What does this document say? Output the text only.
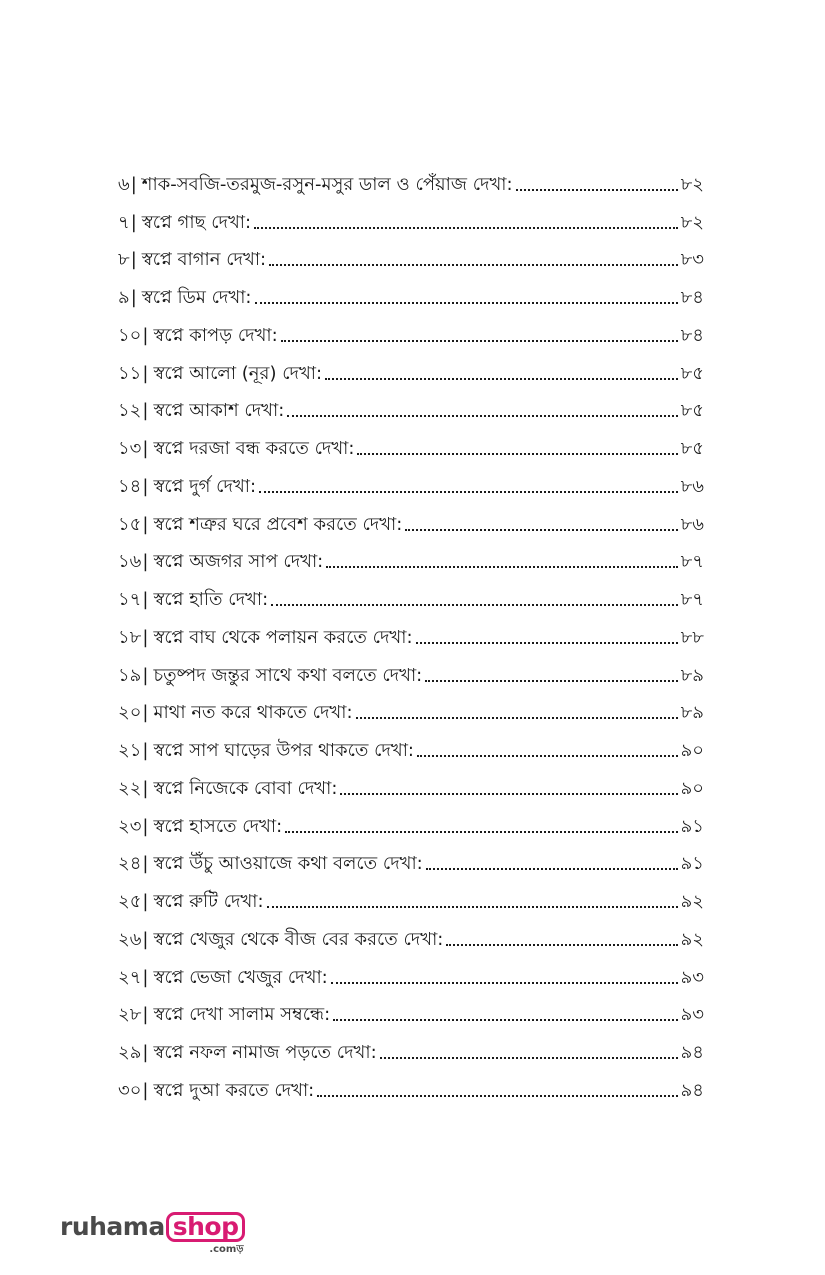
৬ | শাক-সবজি-তরমুজ-রসুন-মসুর ডাল ও পেঁয়াজ দেখা:	৮২
৭ | স্বপ্নে গাছ দেখা:	৮২
৮ | স্বপ্নে বাগান দেখা:	৮৩
৯ | স্বপ্নে ডিম দেখা:	৮৪
১০ | স্বপ্নে কাপড় দেখা:	৮৪
১১ | স্বপ্নে আলো (নূর) দেখা:	৮৫
১২ | স্বপ্নে আকাশ দেখা:	৮৫
১৩ | স্বপ্নে দরজা বন্ধ করতে দেখা:	৮৫
১৪ | স্বপ্নে দুর্গ দেখা:	৮৬
১৫ | স্বপ্নে শত্রুর ঘরে প্রবেশ করতে দেখা:	৮৬
১৬ | স্বপ্নে অজগর সাপ দেখা:	৮৭
১৭ | স্বপ্নে হাতি দেখা:	৮৭
১৮ | স্বপ্নে বাঘ থেকে পলায়ন করতে দেখা:	৮৮
১৯ | চতুষ্পদ জন্তুর সাথে কথা বলতে দেখা:	৮৯
২০ | মাথা নত করে থাকতে দেখা:	৮৯
২১ | স্বপ্নে সাপ ঘাড়ের উপর থাকতে দেখা:	৯০
২২ | স্বপ্নে নিজেকে বোবা দেখা:	৯০
২৩ | স্বপ্নে হাসতে দেখা:	৯১
২৪ | স্বপ্নে উঁচু আওয়াজে কথা বলতে দেখা:	৯১
২৫ | স্বপ্নে রুটি দেখা:	৯২
২৬ | স্বপ্নে খেজুর থেকে বীজ বের করতে দেখা:	৯২
২৭ | স্বপ্নে ভেজা খেজুর দেখা:	৯৩
২৮ | স্বপ্নে দেখা সালাম সম্বন্ধে:	৯৩
২৯ | স্বপ্নে নফল নামাজ পড়তে দেখা:	৯৪
৩০ | স্বপ্নে দুআ করতে দেখা:	৯৪
ruhama shop
.comড়
